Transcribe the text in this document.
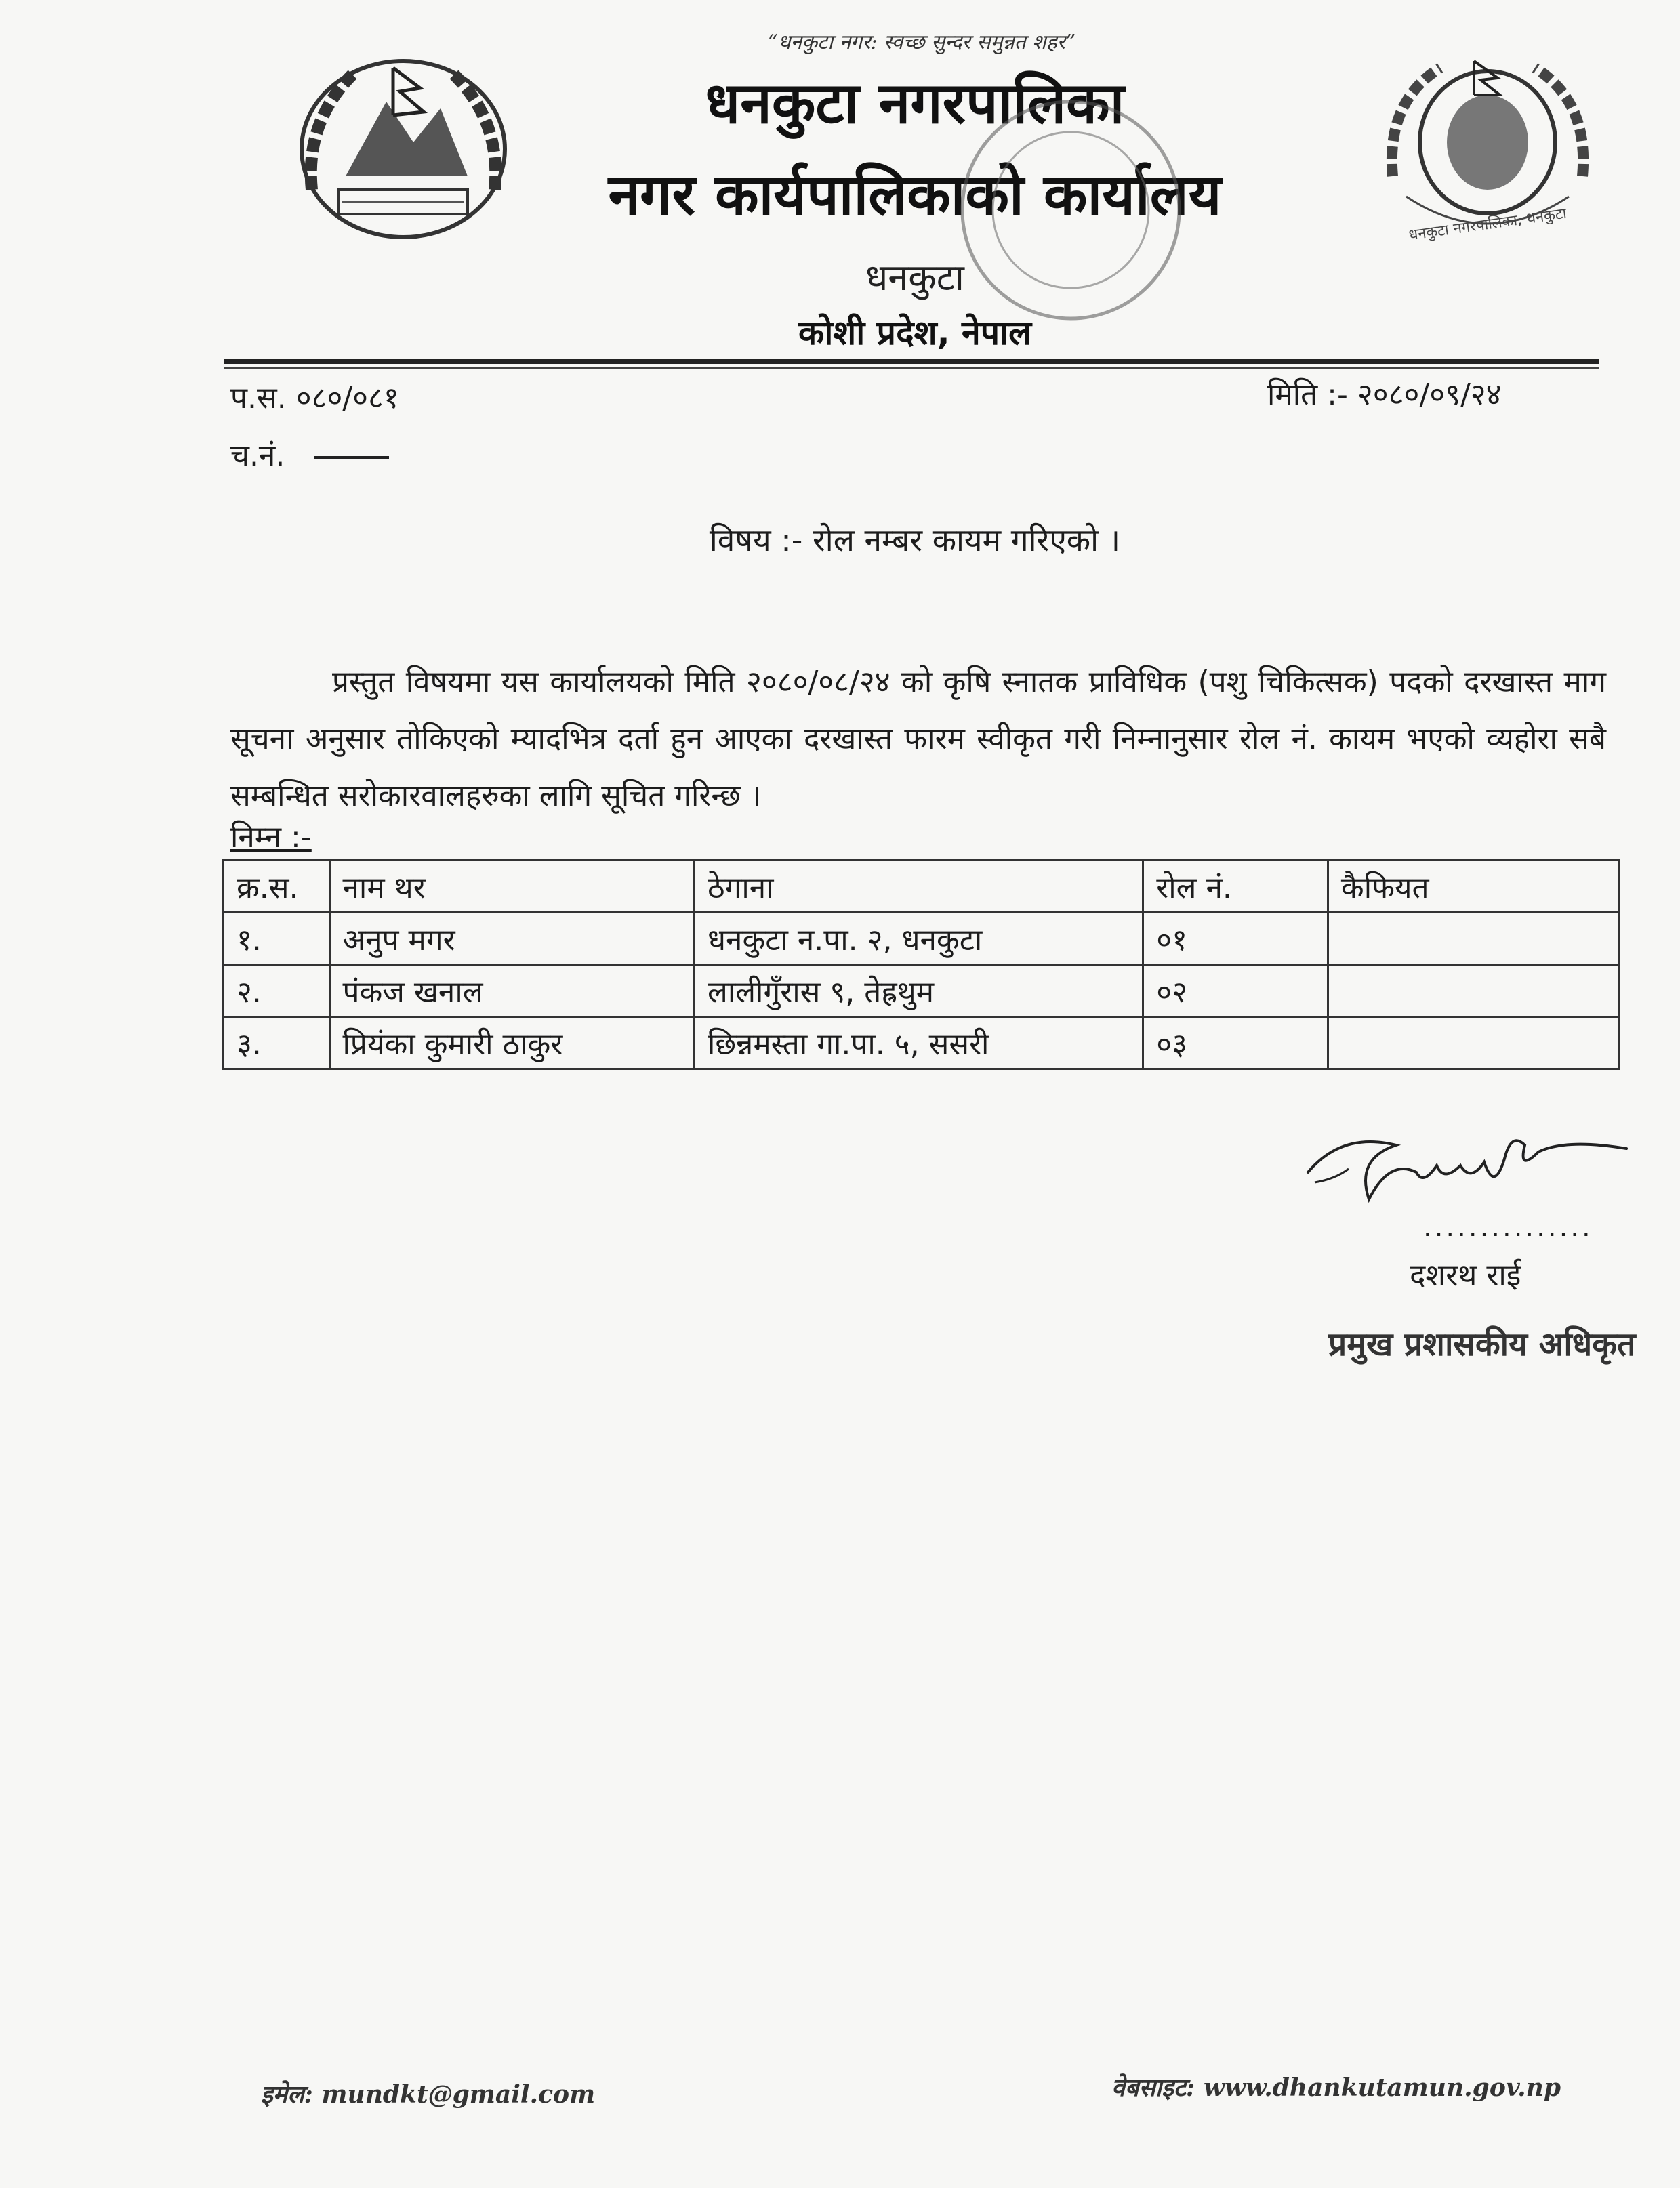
धनकुटा नगरपालिका, धनकुटा
“धनकुटा नगर: स्वच्छ सुन्दर समुन्नत शहर”
धनकुटा नगरपालिका
नगर कार्यपालिकाको कार्यालय
धनकुटा
कोशी प्रदेश, नेपाल
प.स. ०८०/०८१
च.नं.
मिति :- २०८०/०९/२४
विषय :- रोल नम्बर कायम गरिएको ।
प्रस्तुत विषयमा यस कार्यालयको मिति २०८०/०८/२४ को कृषि स्नातक प्राविधिक (पशु चिकित्सक) पदको दरखास्त माग सूचना अनुसार तोकिएको म्यादभित्र दर्ता हुन आएका दरखास्त फारम स्वीकृत गरी निम्नानुसार रोल नं. कायम भएको व्यहोरा सबै सम्बन्धित सरोकारवालहरुका लागि सूचित गरिन्छ ।
निम्न :-
क्र.स.	नाम थर	ठेगाना	रोल नं.	कैफियत
१.	अनुप मगर	धनकुटा न.पा. २, धनकुटा	०१	
२.	पंकज खनाल	लालीगुँरास ९, तेह्रथुम	०२	
३.	प्रियंका कुमारी ठाकुर	छिन्नमस्ता गा.पा. ५, ससरी	०३	
...............
दशरथ राई
प्रमुख प्रशासकीय अधिकृत
इमेल: mundkt@gmail.com	वेबसाइट: www.dhankutamun.gov.np
